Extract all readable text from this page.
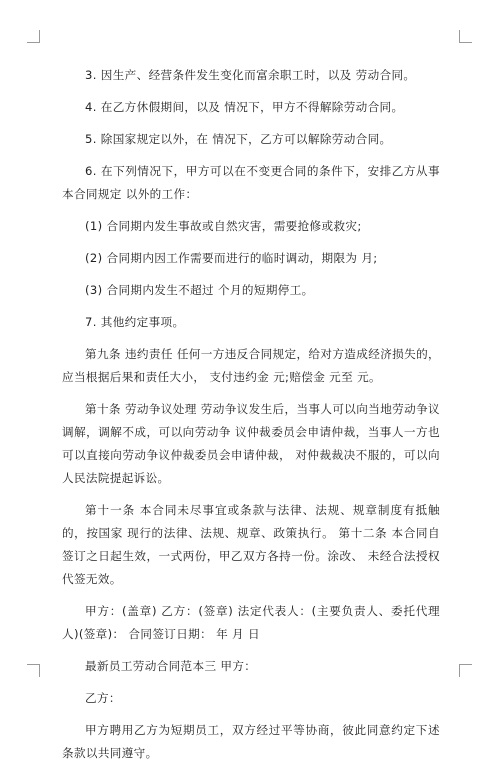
3. 因生产、经营条件发生变化而富余职工时，以及 劳动合同。

4. 在乙方休假期间，以及 情况下，甲方不得解除劳动合同。

5. 除国家规定以外，在 情况下，乙方可以解除劳动合同。

6. 在下列情况下，甲方可以在不变更合同的条件下，安排乙方从事本合同规定 以外的工作：

(1) 合同期内发生事故或自然灾害，需要抢修或救灾;

(2) 合同期内因工作需要而进行的临时调动，期限为 月;

(3) 合同期内发生不超过 个月的短期停工。

7. 其他约定事项。

第九条 违约责任 任何一方违反合同规定，给对方造成经济损失的，应当根据后果和责任大小， 支付违约金 元;赔偿金 元至 元。

第十条 劳动争议处理 劳动争议发生后，当事人可以向当地劳动争议调解，调解不成，可以向劳动争 议仲裁委员会申请仲裁，当事人一方也可以直接向劳动争议仲裁委员会申请仲裁， 对仲裁裁决不服的，可以向人民法院提起诉讼。

第十一条 本合同未尽事宜或条款与法律、法规、规章制度有抵触的，按国家 现行的法律、法规、规章、政策执行。 第十二条 本合同自签订之日起生效，一式两份，甲乙双方各持一份。涂改、 未经合法授权代签无效。

甲方：(盖章) 乙方：(签章) 法定代表人：(主要负责人、委托代理人)(签章)： 合同签订日期： 年 月 日

最新员工劳动合同范本三 甲方：

乙方：

甲方聘用乙方为短期员工，双方经过平等协商，彼此同意约定下述条款以共同遵守。
